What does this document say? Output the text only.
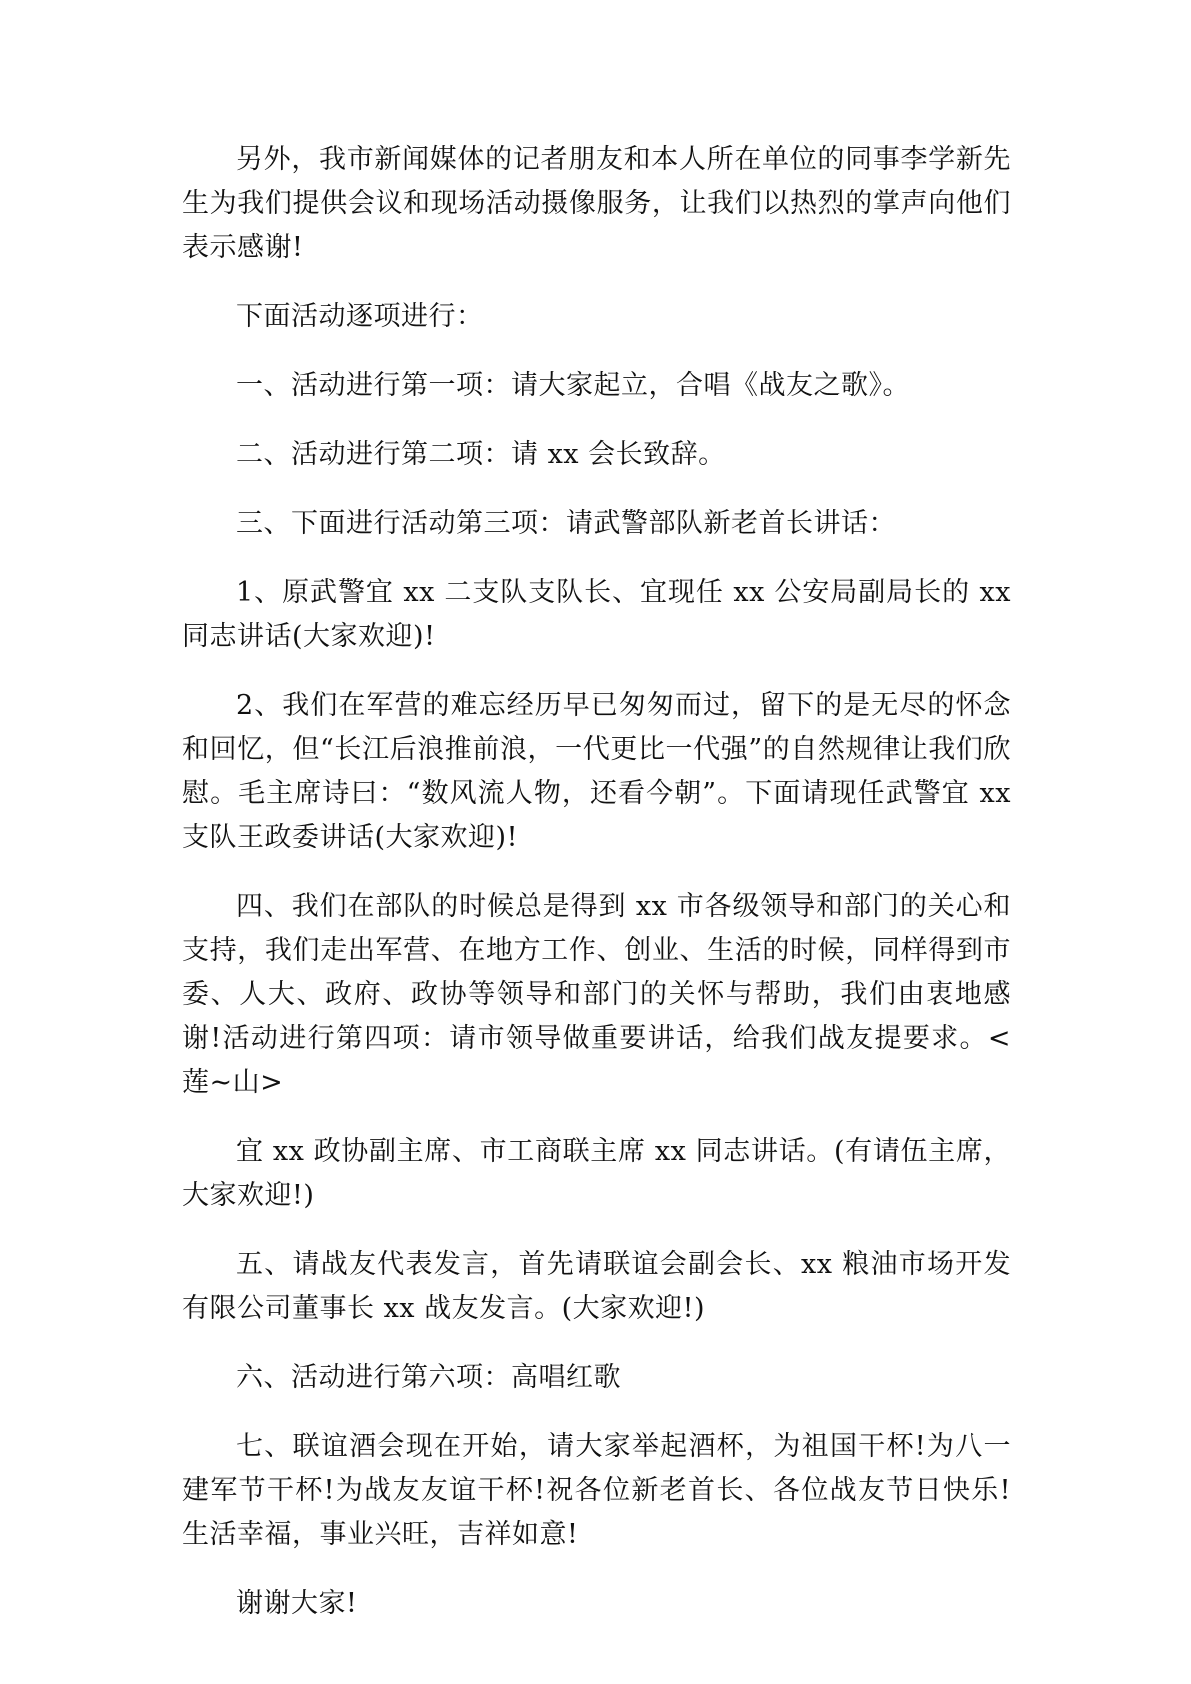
另外，我市新闻媒体的记者朋友和本人所在单位的同事李学新先生为我们提供会议和现场活动摄像服务，让我们以热烈的掌声向他们表示感谢!

下面活动逐项进行：

一、活动进行第一项：请大家起立，合唱《战友之歌》。

二、活动进行第二项：请 xx 会长致辞。

三、下面进行活动第三项：请武警部队新老首长讲话：

1、原武警宜 xx 二支队支队长、宜现任 xx 公安局副局长的 xx 同志讲话(大家欢迎)!

2、我们在军营的难忘经历早已匆匆而过，留下的是无尽的怀念和回忆，但“长江后浪推前浪，一代更比一代强”的自然规律让我们欣慰。毛主席诗曰：“数风流人物，还看今朝”。下面请现任武警宜 xx 支队王政委讲话(大家欢迎)!

四、我们在部队的时候总是得到 xx 市各级领导和部门的关心和支持，我们走出军营、在地方工作、创业、生活的时候，同样得到市委、人大、政府、政协等领导和部门的关怀与帮助，我们由衷地感谢!活动进行第四项：请市领导做重要讲话，给我们战友提要求。<莲~山>

宜 xx 政协副主席、市工商联主席 xx 同志讲话。(有请伍主席，大家欢迎!)

五、请战友代表发言，首先请联谊会副会长、xx 粮油市场开发有限公司董事长 xx 战友发言。(大家欢迎!)

六、活动进行第六项：高唱红歌

七、联谊酒会现在开始，请大家举起酒杯，为祖国干杯!为八一建军节干杯!为战友友谊干杯!祝各位新老首长、各位战友节日快乐!生活幸福，事业兴旺，吉祥如意!

谢谢大家!
